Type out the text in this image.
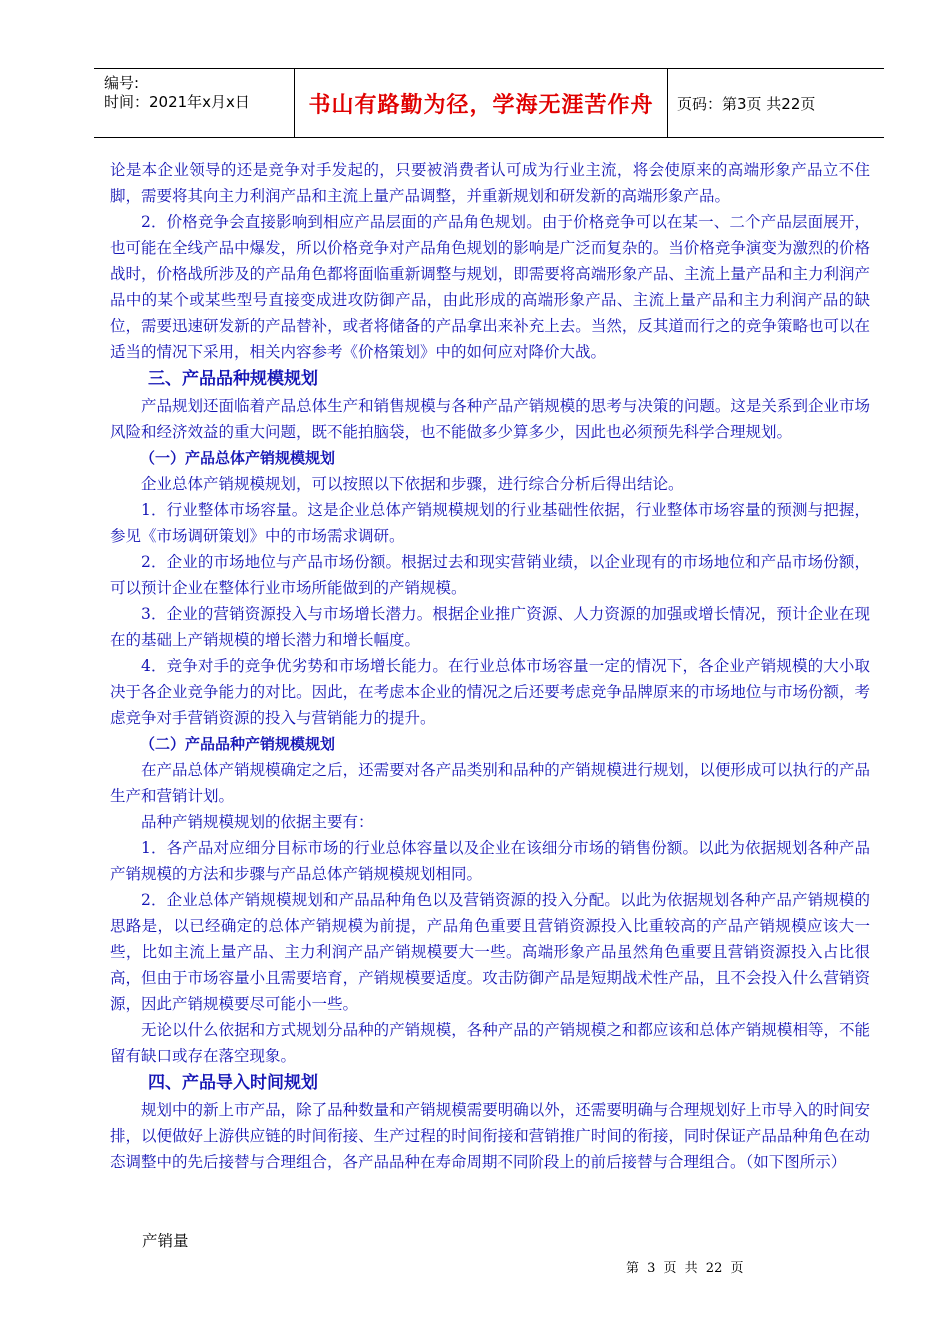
编号:
时间：2021年x月x日	书山有路勤为径，学海无涯苦作舟	页码：第3页 共22页

论是本企业领导的还是竞争对手发起的，只要被消费者认可成为行业主流，将会使原来的高端形象产品立不住脚，需要将其向主力利润产品和主流上量产品调整，并重新规划和研发新的高端形象产品。

2．价格竞争会直接影响到相应产品层面的产品角色规划。由于价格竞争可以在某一、二个产品层面展开，也可能在全线产品中爆发，所以价格竞争对产品角色规划的影响是广泛而复杂的。当价格竞争演变为激烈的价格战时，价格战所涉及的产品角色都将面临重新调整与规划，即需要将高端形象产品、主流上量产品和主力利润产品中的某个或某些型号直接变成进攻防御产品，由此形成的高端形象产品、主流上量产品和主力利润产品的缺位，需要迅速研发新的产品替补，或者将储备的产品拿出来补充上去。当然，反其道而行之的竞争策略也可以在适当的情况下采用，相关内容参考《价格策划》中的如何应对降价大战。

三、产品品种规模规划

产品规划还面临着产品总体生产和销售规模与各种产品产销规模的思考与决策的问题。这是关系到企业市场风险和经济效益的重大问题，既不能拍脑袋，也不能做多少算多少，因此也必须预先科学合理规划。

（一）产品总体产销规模规划

企业总体产销规模规划，可以按照以下依据和步骤，进行综合分析后得出结论。

1．行业整体市场容量。这是企业总体产销规模规划的行业基础性依据，行业整体市场容量的预测与把握，参见《市场调研策划》中的市场需求调研。

2．企业的市场地位与产品市场份额。根据过去和现实营销业绩，以企业现有的市场地位和产品市场份额，可以预计企业在整体行业市场所能做到的产销规模。

3．企业的营销资源投入与市场增长潜力。根据企业推广资源、人力资源的加强或增长情况，预计企业在现在的基础上产销规模的增长潜力和增长幅度。

4．竞争对手的竞争优劣势和市场增长能力。在行业总体市场容量一定的情况下，各企业产销规模的大小取决于各企业竞争能力的对比。因此，在考虑本企业的情况之后还要考虑竞争品牌原来的市场地位与市场份额，考虑竞争对手营销资源的投入与营销能力的提升。

（二）产品品种产销规模规划

在产品总体产销规模确定之后，还需要对各产品类别和品种的产销规模进行规划，以便形成可以执行的产品生产和营销计划。

品种产销规模规划的依据主要有：

1．各产品对应细分目标市场的行业总体容量以及企业在该细分市场的销售份额。以此为依据规划各种产品产销规模的方法和步骤与产品总体产销规模规划相同。

2．企业总体产销规模规划和产品品种角色以及营销资源的投入分配。以此为依据规划各种产品产销规模的思路是，以已经确定的总体产销规模为前提，产品角色重要且营销资源投入比重较高的产品产销规模应该大一些，比如主流上量产品、主力利润产品产销规模要大一些。高端形象产品虽然角色重要且营销资源投入占比很高，但由于市场容量小且需要培育，产销规模要适度。攻击防御产品是短期战术性产品，且不会投入什么营销资源，因此产销规模要尽可能小一些。

无论以什么依据和方式规划分品种的产销规模，各种产品的产销规模之和都应该和总体产销规模相等，不能留有缺口或存在落空现象。

四、产品导入时间规划

规划中的新上市产品，除了品种数量和产销规模需要明确以外，还需要明确与合理规划好上市导入的时间安排，以便做好上游供应链的时间衔接、生产过程的时间衔接和营销推广时间的衔接，同时保证产品品种角色在动态调整中的先后接替与合理组合，各产品品种在寿命周期不同阶段上的前后接替与合理组合。（如下图所示）

产销量
第 3 页 共 22 页
